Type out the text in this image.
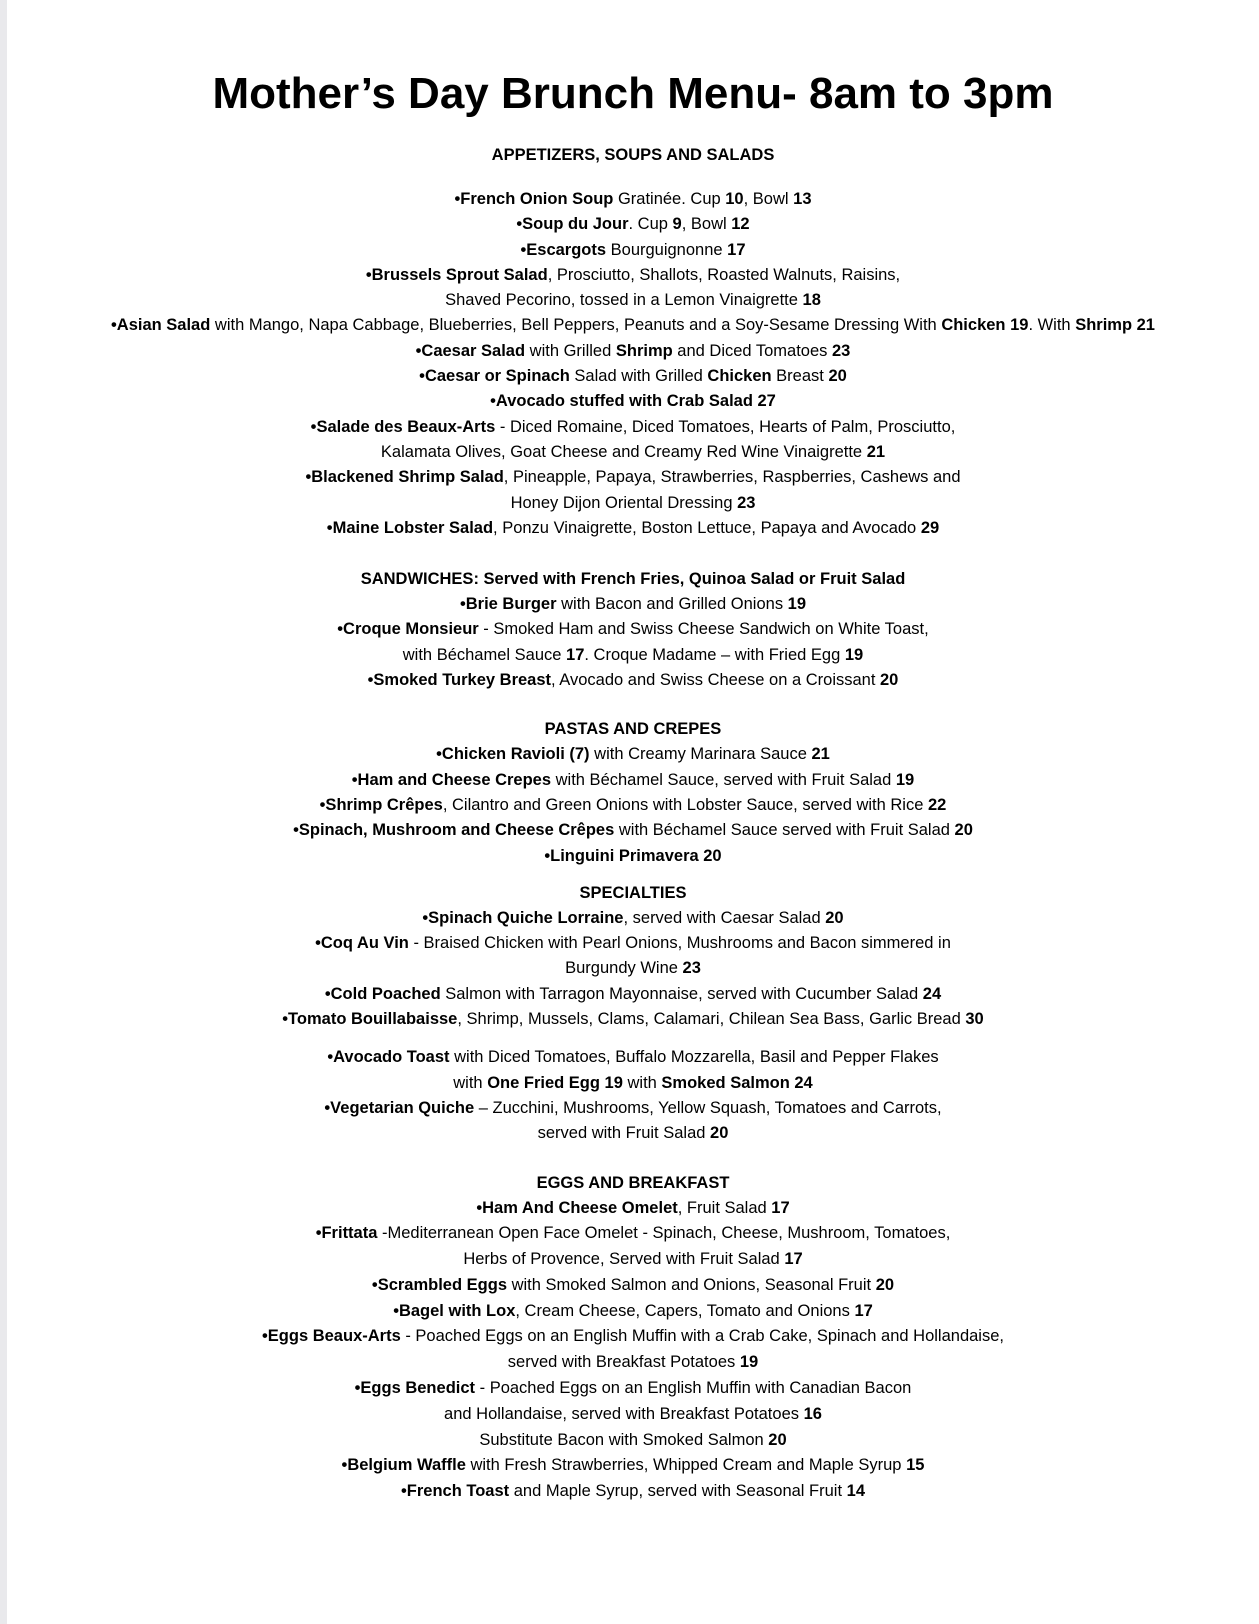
Mother’s Day Brunch Menu- 8am to 3pm
APPETIZERS, SOUPS AND SALADS
•French Onion Soup Gratinée. Cup 10, Bowl 13
•Soup du Jour. Cup 9, Bowl 12
•Escargots Bourguignonne 17
•Brussels Sprout Salad, Prosciutto, Shallots, Roasted Walnuts, Raisins,
Shaved Pecorino, tossed in a Lemon Vinaigrette 18
•Asian Salad with Mango, Napa Cabbage, Blueberries, Bell Peppers, Peanuts and a Soy-Sesame Dressing With Chicken 19. With Shrimp 21
•Caesar Salad with Grilled Shrimp and Diced Tomatoes 23
•Caesar or Spinach Salad with Grilled Chicken Breast 20
•Avocado stuffed with Crab Salad 27
•Salade des Beaux-Arts - Diced Romaine, Diced Tomatoes, Hearts of Palm, Prosciutto,
Kalamata Olives, Goat Cheese and Creamy Red Wine Vinaigrette 21
•Blackened Shrimp Salad, Pineapple, Papaya, Strawberries, Raspberries, Cashews and
Honey Dijon Oriental Dressing 23
•Maine Lobster Salad, Ponzu Vinaigrette, Boston Lettuce, Papaya and Avocado 29
SANDWICHES: Served with French Fries, Quinoa Salad or Fruit Salad
•Brie Burger with Bacon and Grilled Onions 19
•Croque Monsieur - Smoked Ham and Swiss Cheese Sandwich on White Toast,
with Béchamel Sauce 17. Croque Madame – with Fried Egg 19
•Smoked Turkey Breast, Avocado and Swiss Cheese on a Croissant 20
PASTAS AND CREPES
•Chicken Ravioli (7) with Creamy Marinara Sauce 21
•Ham and Cheese Crepes with Béchamel Sauce, served with Fruit Salad 19
•Shrimp Crêpes, Cilantro and Green Onions with Lobster Sauce, served with Rice 22
•Spinach, Mushroom and Cheese Crêpes with Béchamel Sauce served with Fruit Salad 20
•Linguini Primavera 20
SPECIALTIES
•Spinach Quiche Lorraine, served with Caesar Salad 20
•Coq Au Vin - Braised Chicken with Pearl Onions, Mushrooms and Bacon simmered in
Burgundy Wine 23
•Cold Poached Salmon with Tarragon Mayonnaise, served with Cucumber Salad 24
•Tomato Bouillabaisse, Shrimp, Mussels, Clams, Calamari, Chilean Sea Bass, Garlic Bread 30
•Avocado Toast with Diced Tomatoes, Buffalo Mozzarella, Basil and Pepper Flakes
with One Fried Egg 19 with Smoked Salmon 24
•Vegetarian Quiche – Zucchini, Mushrooms, Yellow Squash, Tomatoes and Carrots,
served with Fruit Salad 20
EGGS AND BREAKFAST
•Ham And Cheese Omelet, Fruit Salad 17
•Frittata -Mediterranean Open Face Omelet - Spinach, Cheese, Mushroom, Tomatoes,
Herbs of Provence, Served with Fruit Salad 17
•Scrambled Eggs with Smoked Salmon and Onions, Seasonal Fruit 20
•Bagel with Lox, Cream Cheese, Capers, Tomato and Onions 17
•Eggs Beaux-Arts - Poached Eggs on an English Muffin with a Crab Cake, Spinach and Hollandaise,
served with Breakfast Potatoes 19
•Eggs Benedict - Poached Eggs on an English Muffin with Canadian Bacon
and Hollandaise, served with Breakfast Potatoes 16
Substitute Bacon with Smoked Salmon 20
•Belgium Waffle with Fresh Strawberries, Whipped Cream and Maple Syrup 15
•French Toast and Maple Syrup, served with Seasonal Fruit 14
